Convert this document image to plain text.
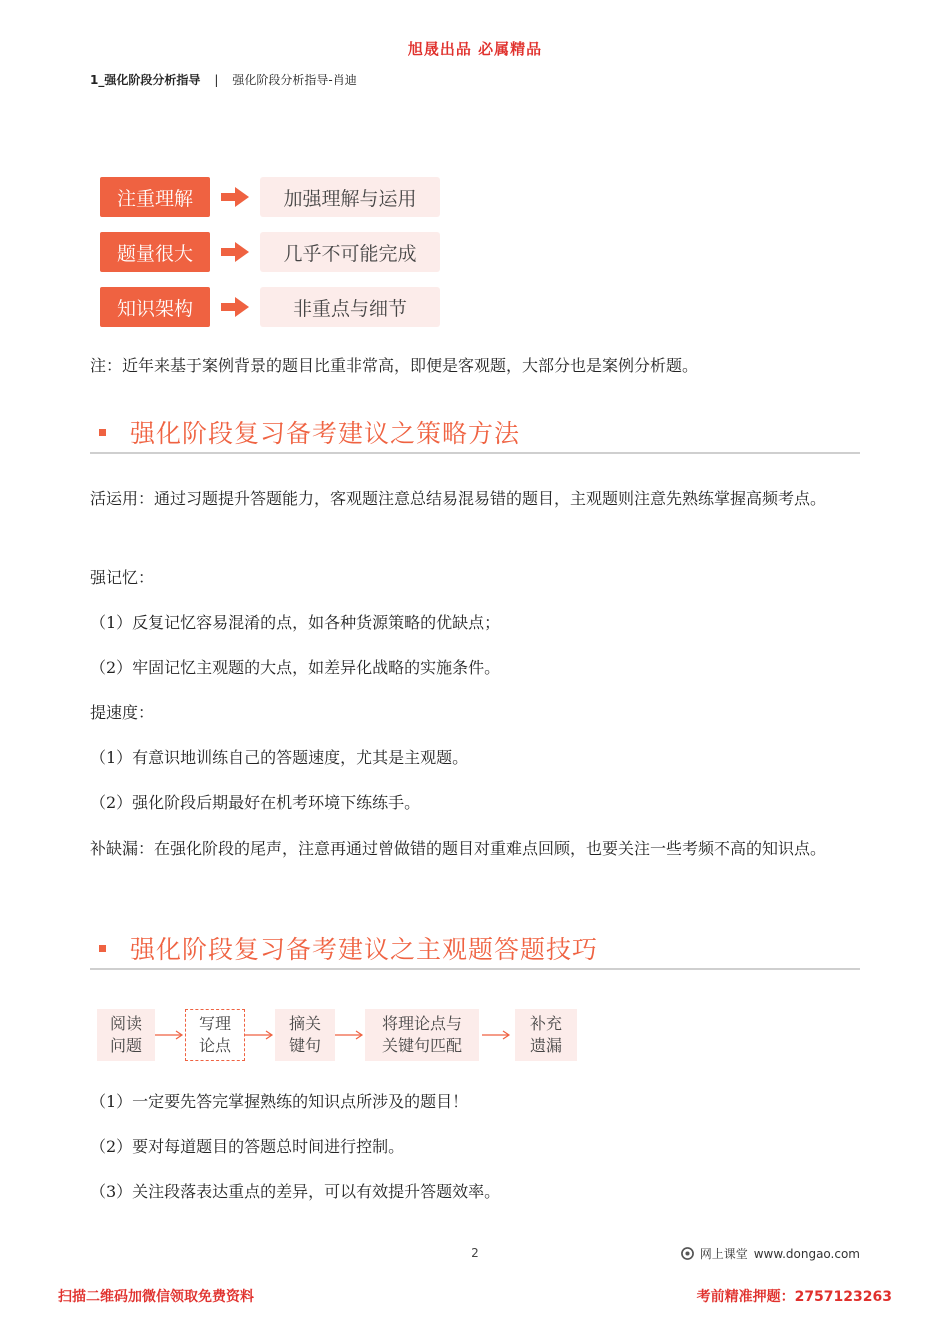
旭晟出品 必属精品
1_强化阶段分析指导 | 强化阶段分析指导-肖迪
注重理解	加强理解与运用
题量很大	几乎不可能完成
知识架构	非重点与细节
注：近年来基于案例背景的题目比重非常高，即便是客观题，大部分也是案例分析题。
强化阶段复习备考建议之策略方法
活运用：通过习题提升答题能力，客观题注意总结易混易错的题目，主观题则注意先熟练掌握高频考点。
强记忆：
（1）反复记忆容易混淆的点，如各种货源策略的优缺点；
（2）牢固记忆主观题的大点，如差异化战略的实施条件。
提速度：
（1）有意识地训练自己的答题速度，尤其是主观题。
（2）强化阶段后期最好在机考环境下练练手。
补缺漏：在强化阶段的尾声，注意再通过曾做错的题目对重难点回顾，也要关注一些考频不高的知识点。
强化阶段复习备考建议之主观题答题技巧
阅读
问题
写理
论点
摘关
键句
将理论点与
关键句匹配
补充
遗漏
（1）一定要先答完掌握熟练的知识点所涉及的题目！
（2）要对每道题目的答题总时间进行控制。
（3）关注段落表达重点的差异，可以有效提升答题效率。
2	网上课堂 www.dongao.com
扫描二维码加微信领取免费资料	考前精准押题：2757123263
